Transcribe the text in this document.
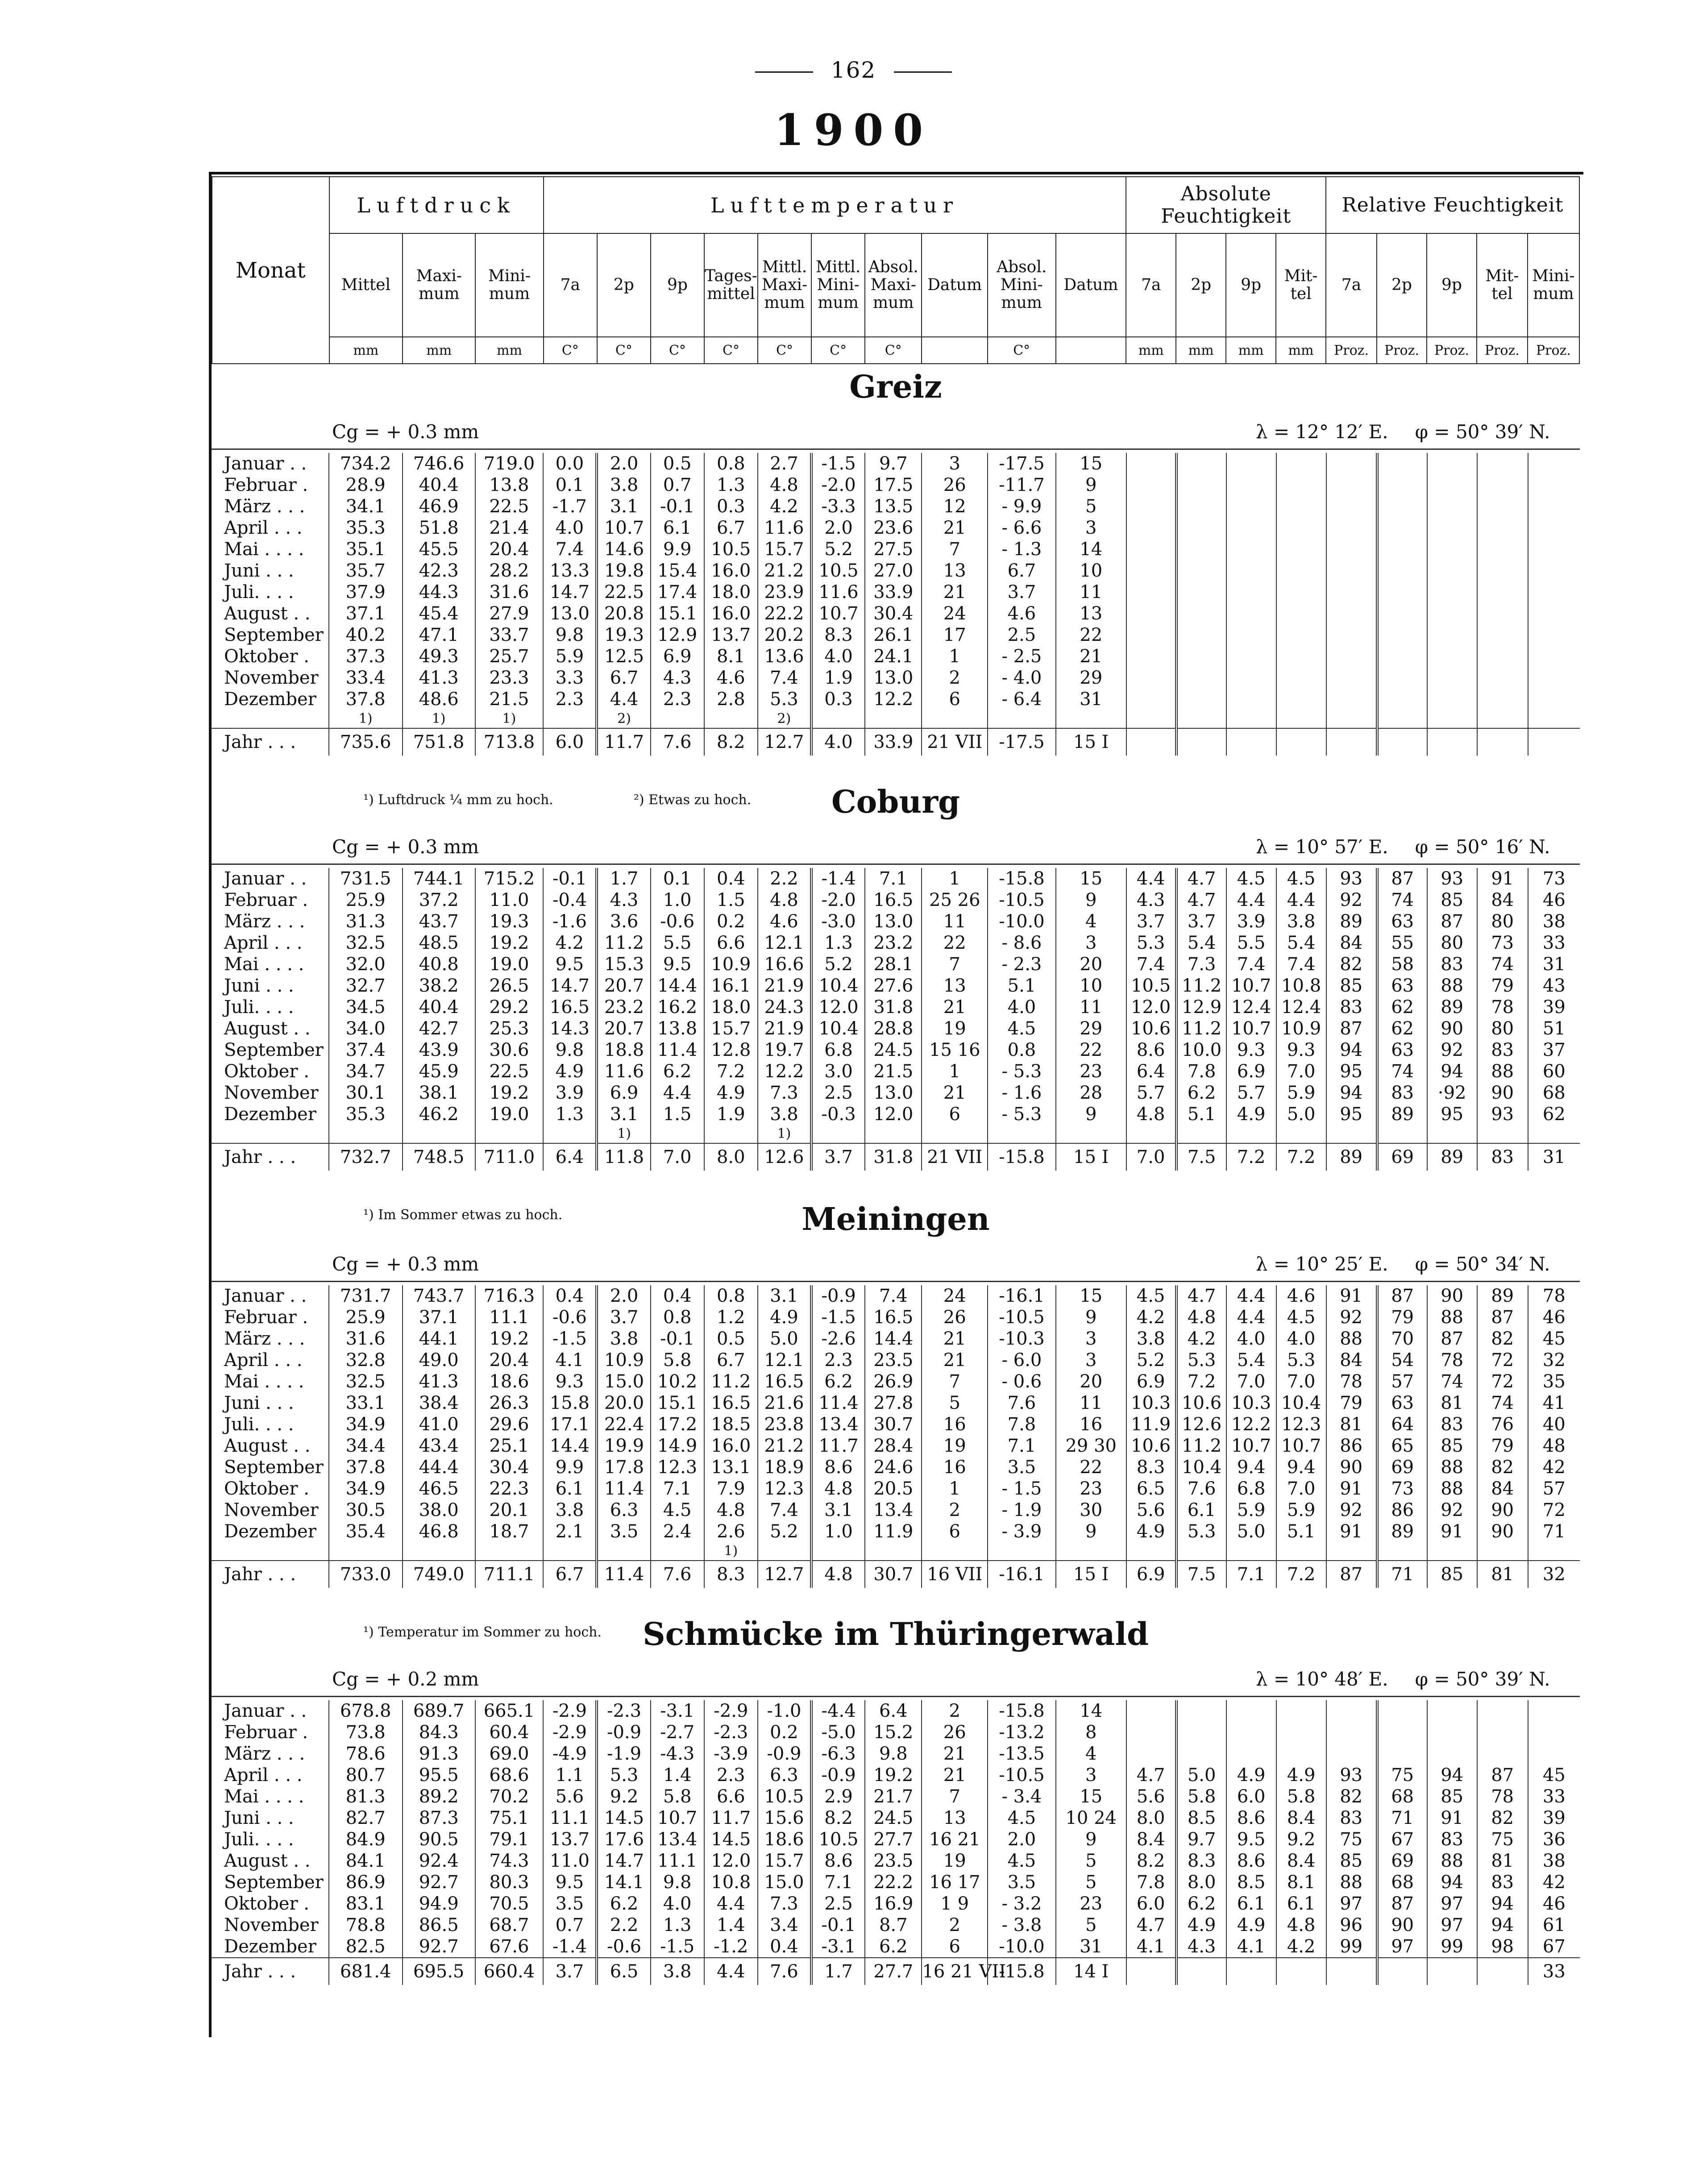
162
1900
Monat	Luftdruck			Lufttemperatur										Absolute Feuchtigkeit				Relative Feuchtigkeit				
	Mittel	Maxi-mum	Mini-mum	7a	2p	9p	Tages-mittel	Mittl. Maxi-mum	Mittl. Mini-mum	Absol. Maxi-mum	Datum	Absol. Mini-mum	Datum	7a	2p	9p	Mit-tel	7a	2p	9p	Mit-tel	Mini-mum
	mm	mm	mm	C°	C°	C°	C°	C°	C°	C°		C°		mm	mm	mm	mm	Proz.	Proz.	Proz.	Proz.	Proz.
Greiz
Cg = + 0.3 mm	λ = 12° 12′ E. φ = 50° 39′ N.
Januar . .	734.2	746.6	719.0	0.0	2.0	0.5	0.8	2.7	-1.5	9.7	3	-17.5	15									
Februar .	28.9	40.4	13.8	0.1	3.8	0.7	1.3	4.8	-2.0	17.5	26	-11.7	9									
März . . .	34.1	46.9	22.5	-1.7	3.1	-0.1	0.3	4.2	-3.3	13.5	12	- 9.9	5									
April . . .	35.3	51.8	21.4	4.0	10.7	6.1	6.7	11.6	2.0	23.6	21	- 6.6	3									
Mai . . . .	35.1	45.5	20.4	7.4	14.6	9.9	10.5	15.7	5.2	27.5	7	- 1.3	14									
Juni . . .	35.7	42.3	28.2	13.3	19.8	15.4	16.0	21.2	10.5	27.0	13	6.7	10									
Juli. . . .	37.9	44.3	31.6	14.7	22.5	17.4	18.0	23.9	11.6	33.9	21	3.7	11									
August . .	37.1	45.4	27.9	13.0	20.8	15.1	16.0	22.2	10.7	30.4	24	4.6	13									
September	40.2	47.1	33.7	9.8	19.3	12.9	13.7	20.2	8.3	26.1	17	2.5	22									
Oktober .	37.3	49.3	25.7	5.9	12.5	6.9	8.1	13.6	4.0	24.1	1	- 2.5	21									
November	33.4	41.3	23.3	3.3	6.7	4.3	4.6	7.4	1.9	13.0	2	- 4.0	29									
Dezember	37.8	48.6	21.5	2.3	4.4	2.3	2.8	5.3	0.3	12.2	6	- 6.4	31									
	1)	1)	1)		2)			2)														
Jahr . . .	735.6	751.8	713.8	6.0	11.7	7.6	8.2	12.7	4.0	33.9	21 VII	-17.5	15 I									
¹) Luftdruck ¼ mm zu hoch.	²) Etwas zu hoch.	Coburg
Cg = + 0.3 mm	λ = 10° 57′ E. φ = 50° 16′ N.
Januar . .	731.5	744.1	715.2	-0.1	1.7	0.1	0.4	2.2	-1.4	7.1	1	-15.8	15	4.4	4.7	4.5	4.5	93	87	93	91	73
Februar .	25.9	37.2	11.0	-0.4	4.3	1.0	1.5	4.8	-2.0	16.5	25 26	-10.5	9	4.3	4.7	4.4	4.4	92	74	85	84	46
März . . .	31.3	43.7	19.3	-1.6	3.6	-0.6	0.2	4.6	-3.0	13.0	11	-10.0	4	3.7	3.7	3.9	3.8	89	63	87	80	38
April . . .	32.5	48.5	19.2	4.2	11.2	5.5	6.6	12.1	1.3	23.2	22	- 8.6	3	5.3	5.4	5.5	5.4	84	55	80	73	33
Mai . . . .	32.0	40.8	19.0	9.5	15.3	9.5	10.9	16.6	5.2	28.1	7	- 2.3	20	7.4	7.3	7.4	7.4	82	58	83	74	31
Juni . . .	32.7	38.2	26.5	14.7	20.7	14.4	16.1	21.9	10.4	27.6	13	5.1	10	10.5	11.2	10.7	10.8	85	63	88	79	43
Juli. . . .	34.5	40.4	29.2	16.5	23.2	16.2	18.0	24.3	12.0	31.8	21	4.0	11	12.0	12.9	12.4	12.4	83	62	89	78	39
August . .	34.0	42.7	25.3	14.3	20.7	13.8	15.7	21.9	10.4	28.8	19	4.5	29	10.6	11.2	10.7	10.9	87	62	90	80	51
September	37.4	43.9	30.6	9.8	18.8	11.4	12.8	19.7	6.8	24.5	15 16	0.8	22	8.6	10.0	9.3	9.3	94	63	92	83	37
Oktober .	34.7	45.9	22.5	4.9	11.6	6.2	7.2	12.2	3.0	21.5	1	- 5.3	23	6.4	7.8	6.9	7.0	95	74	94	88	60
November	30.1	38.1	19.2	3.9	6.9	4.4	4.9	7.3	2.5	13.0	21	- 1.6	28	5.7	6.2	5.7	5.9	94	83	·92	90	68
Dezember	35.3	46.2	19.0	1.3	3.1	1.5	1.9	3.8	-0.3	12.0	6	- 5.3	9	4.8	5.1	4.9	5.0	95	89	95	93	62
					1)			1)														
Jahr . . .	732.7	748.5	711.0	6.4	11.8	7.0	8.0	12.6	3.7	31.8	21 VII	-15.8	15 I	7.0	7.5	7.2	7.2	89	69	89	83	31
¹) Im Sommer etwas zu hoch.	Meiningen
Cg = + 0.3 mm	λ = 10° 25′ E. φ = 50° 34′ N.
Januar . .	731.7	743.7	716.3	0.4	2.0	0.4	0.8	3.1	-0.9	7.4	24	-16.1	15	4.5	4.7	4.4	4.6	91	87	90	89	78
Februar .	25.9	37.1	11.1	-0.6	3.7	0.8	1.2	4.9	-1.5	16.5	26	-10.5	9	4.2	4.8	4.4	4.5	92	79	88	87	46
März . . .	31.6	44.1	19.2	-1.5	3.8	-0.1	0.5	5.0	-2.6	14.4	21	-10.3	3	3.8	4.2	4.0	4.0	88	70	87	82	45
April . . .	32.8	49.0	20.4	4.1	10.9	5.8	6.7	12.1	2.3	23.5	21	- 6.0	3	5.2	5.3	5.4	5.3	84	54	78	72	32
Mai . . . .	32.5	41.3	18.6	9.3	15.0	10.2	11.2	16.5	6.2	26.9	7	- 0.6	20	6.9	7.2	7.0	7.0	78	57	74	72	35
Juni . . .	33.1	38.4	26.3	15.8	20.0	15.1	16.5	21.6	11.4	27.8	5	7.6	11	10.3	10.6	10.3	10.4	79	63	81	74	41
Juli. . . .	34.9	41.0	29.6	17.1	22.4	17.2	18.5	23.8	13.4	30.7	16	7.8	16	11.9	12.6	12.2	12.3	81	64	83	76	40
August . .	34.4	43.4	25.1	14.4	19.9	14.9	16.0	21.2	11.7	28.4	19	7.1	29 30	10.6	11.2	10.7	10.7	86	65	85	79	48
September	37.8	44.4	30.4	9.9	17.8	12.3	13.1	18.9	8.6	24.6	16	3.5	22	8.3	10.4	9.4	9.4	90	69	88	82	42
Oktober .	34.9	46.5	22.3	6.1	11.4	7.1	7.9	12.3	4.8	20.5	1	- 1.5	23	6.5	7.6	6.8	7.0	91	73	88	84	57
November	30.5	38.0	20.1	3.8	6.3	4.5	4.8	7.4	3.1	13.4	2	- 1.9	30	5.6	6.1	5.9	5.9	92	86	92	90	72
Dezember	35.4	46.8	18.7	2.1	3.5	2.4	2.6	5.2	1.0	11.9	6	- 3.9	9	4.9	5.3	5.0	5.1	91	89	91	90	71
							1)															
Jahr . . .	733.0	749.0	711.1	6.7	11.4	7.6	8.3	12.7	4.8	30.7	16 VII	-16.1	15 I	6.9	7.5	7.1	7.2	87	71	85	81	32
¹) Temperatur im Sommer zu hoch.	Schmücke im Thüringerwald
Cg = + 0.2 mm	λ = 10° 48′ E. φ = 50° 39′ N.
Januar . .	678.8	689.7	665.1	-2.9	-2.3	-3.1	-2.9	-1.0	-4.4	6.4	2	-15.8	14									
Februar .	73.8	84.3	60.4	-2.9	-0.9	-2.7	-2.3	0.2	-5.0	15.2	26	-13.2	8									
März . . .	78.6	91.3	69.0	-4.9	-1.9	-4.3	-3.9	-0.9	-6.3	9.8	21	-13.5	4									
April . . .	80.7	95.5	68.6	1.1	5.3	1.4	2.3	6.3	-0.9	19.2	21	-10.5	3	4.7	5.0	4.9	4.9	93	75	94	87	45
Mai . . . .	81.3	89.2	70.2	5.6	9.2	5.8	6.6	10.5	2.9	21.7	7	- 3.4	15	5.6	5.8	6.0	5.8	82	68	85	78	33
Juni . . .	82.7	87.3	75.1	11.1	14.5	10.7	11.7	15.6	8.2	24.5	13	4.5	10 24	8.0	8.5	8.6	8.4	83	71	91	82	39
Juli. . . .	84.9	90.5	79.1	13.7	17.6	13.4	14.5	18.6	10.5	27.7	16 21	2.0	9	8.4	9.7	9.5	9.2	75	67	83	75	36
August . .	84.1	92.4	74.3	11.0	14.7	11.1	12.0	15.7	8.6	23.5	19	4.5	5	8.2	8.3	8.6	8.4	85	69	88	81	38
September	86.9	92.7	80.3	9.5	14.1	9.8	10.8	15.0	7.1	22.2	16 17	3.5	5	7.8	8.0	8.5	8.1	88	68	94	83	42
Oktober .	83.1	94.9	70.5	3.5	6.2	4.0	4.4	7.3	2.5	16.9	1 9	- 3.2	23	6.0	6.2	6.1	6.1	97	87	97	94	46
November	78.8	86.5	68.7	0.7	2.2	1.3	1.4	3.4	-0.1	8.7	2	- 3.8	5	4.7	4.9	4.9	4.8	96	90	97	94	61
Dezember	82.5	92.7	67.6	-1.4	-0.6	-1.5	-1.2	0.4	-3.1	6.2	6	-10.0	31	4.1	4.3	4.1	4.2	99	97	99	98	67
Jahr . . .	681.4	695.5	660.4	3.7	6.5	3.8	4.4	7.6	1.7	27.7	16 21 VII	-15.8	14 I									33
